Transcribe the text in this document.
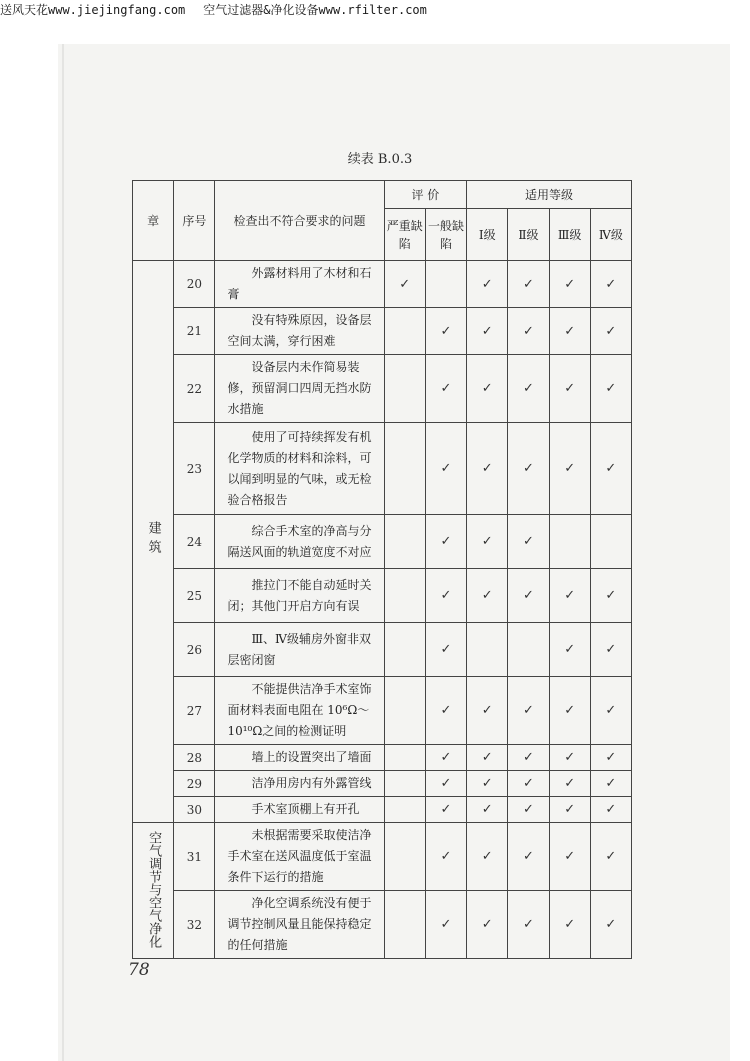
送风天花www.jiejingfang.com 空气过滤器&净化设备www.rfilter.com
续表 B.0.3
章	序号	检查出不符合要求的问题	评 价		适用等级			
			严重缺陷	一般缺陷	Ⅰ级	Ⅱ级	Ⅲ级	Ⅳ级
建筑	20	外露材料用了木材和石膏	✓		✓	✓	✓	✓
	21	没有特殊原因，设备层空间太满，穿行困难		✓	✓	✓	✓	✓
	22	设备层内未作简易装修，预留洞口四周无挡水防水措施		✓	✓	✓	✓	✓
	23	使用了可持续挥发有机化学物质的材料和涂料，可以闻到明显的气味，或无检验合格报告		✓	✓	✓	✓	✓
	24	综合手术室的净高与分隔送风面的轨道宽度不对应		✓	✓	✓		
	25	推拉门不能自动延时关闭；其他门开启方向有误		✓	✓	✓	✓	✓
	26	Ⅲ、Ⅳ级辅房外窗非双层密闭窗		✓			✓	✓
	27	不能提供洁净手术室饰面材料表面电阻在 10⁶Ω～10¹⁰Ω之间的检测证明		✓	✓	✓	✓	✓
	28	墙上的设置突出了墙面		✓	✓	✓	✓	✓
	29	洁净用房内有外露管线		✓	✓	✓	✓	✓
	30	手术室顶棚上有开孔		✓	✓	✓	✓	✓
空气调节与空气净化	31	未根据需要采取使洁净手术室在送风温度低于室温条件下运行的措施		✓	✓	✓	✓	✓
	32	净化空调系统没有便于调节控制风量且能保持稳定的任何措施		✓	✓	✓	✓	✓
78
